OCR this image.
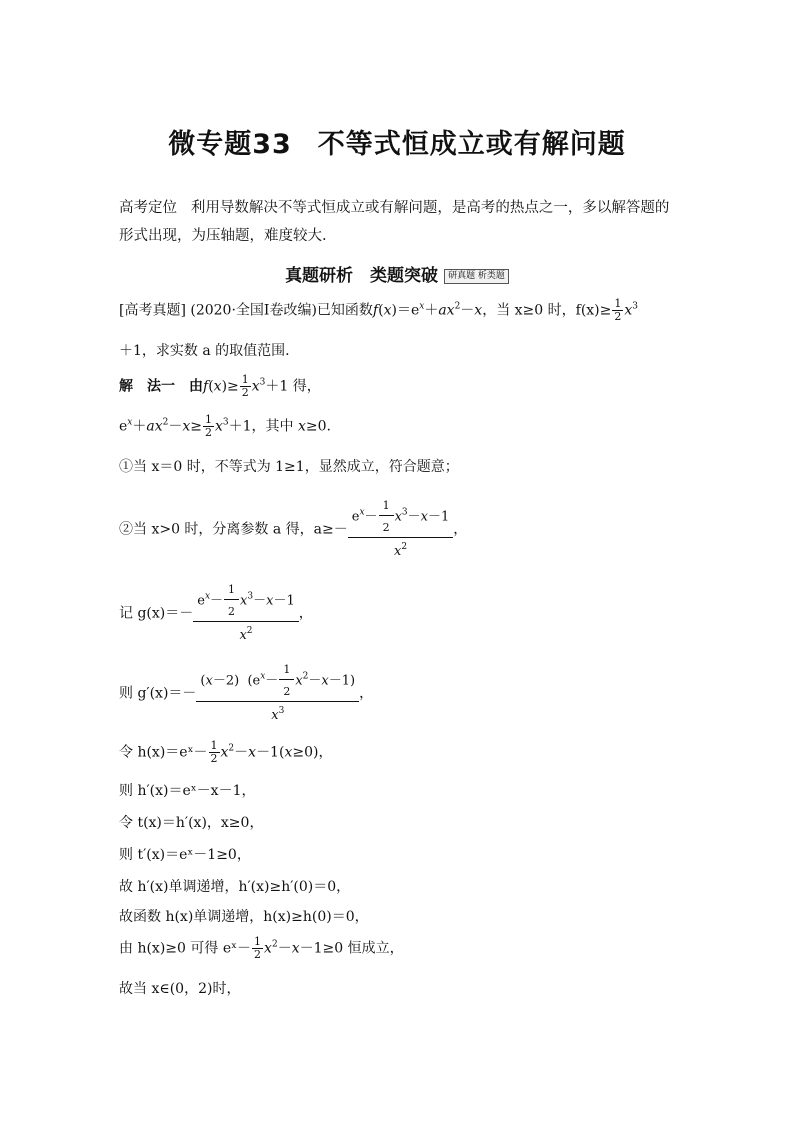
微专题33 不等式恒成立或有解问题
高考定位 利用导数解决不等式恒成立或有解问题，是高考的热点之一，多以解答题的形式出现，为压轴题，难度较大.
真题研析　类题突破 研真题 析类题
[高考真题] (2020·全国Ⅰ卷改编)已知函数$f(x)=e^x+ax^2-x$，当 x≥0 时，$f(x)\ge \frac{1}{2} x^3$
＋1，求实数 a 的取值范围.
解　法一　由$f(x)\ge \frac{1}{2} x^3+1$ 得，
$e^x+ax^2-x\ge \frac{1}{2} x^3+1$，其中 x≥0.
①当 x＝0 时，不等式为 1≥1，显然成立，符合题意；
②当 x>0 时，分离参数 a 得，$a\ge- \frac{e^x- \frac{1}{2} x^3-x-1}{x^2}$ ，
记 $g(x)=- \frac{e^x- \frac{1}{2} x^3-x-1}{x^2}$ ，
则 $g'(x)=- \frac{(x-2) (e^x- \frac{1}{2} x^2-x-1)}{x^3}$ ，
令 h(x)＝eˣ－ $\frac{1}{2} x^2-x-1(x\ge 0)$，
则 h′(x)＝eˣ－x－1，
令 t(x)＝h′(x)，x≥0，
则 t′(x)＝eˣ－1≥0，
故 h′(x)单调递增，h′(x)≥h′(0)＝0，
故函数 h(x)单调递增，h(x)≥h(0)＝0，
由 h(x)≥0 可得 eˣ－ $\frac{1}{2} x^2-x-1\ge 0$ 恒成立，
故当 x∈(0，2)时，
